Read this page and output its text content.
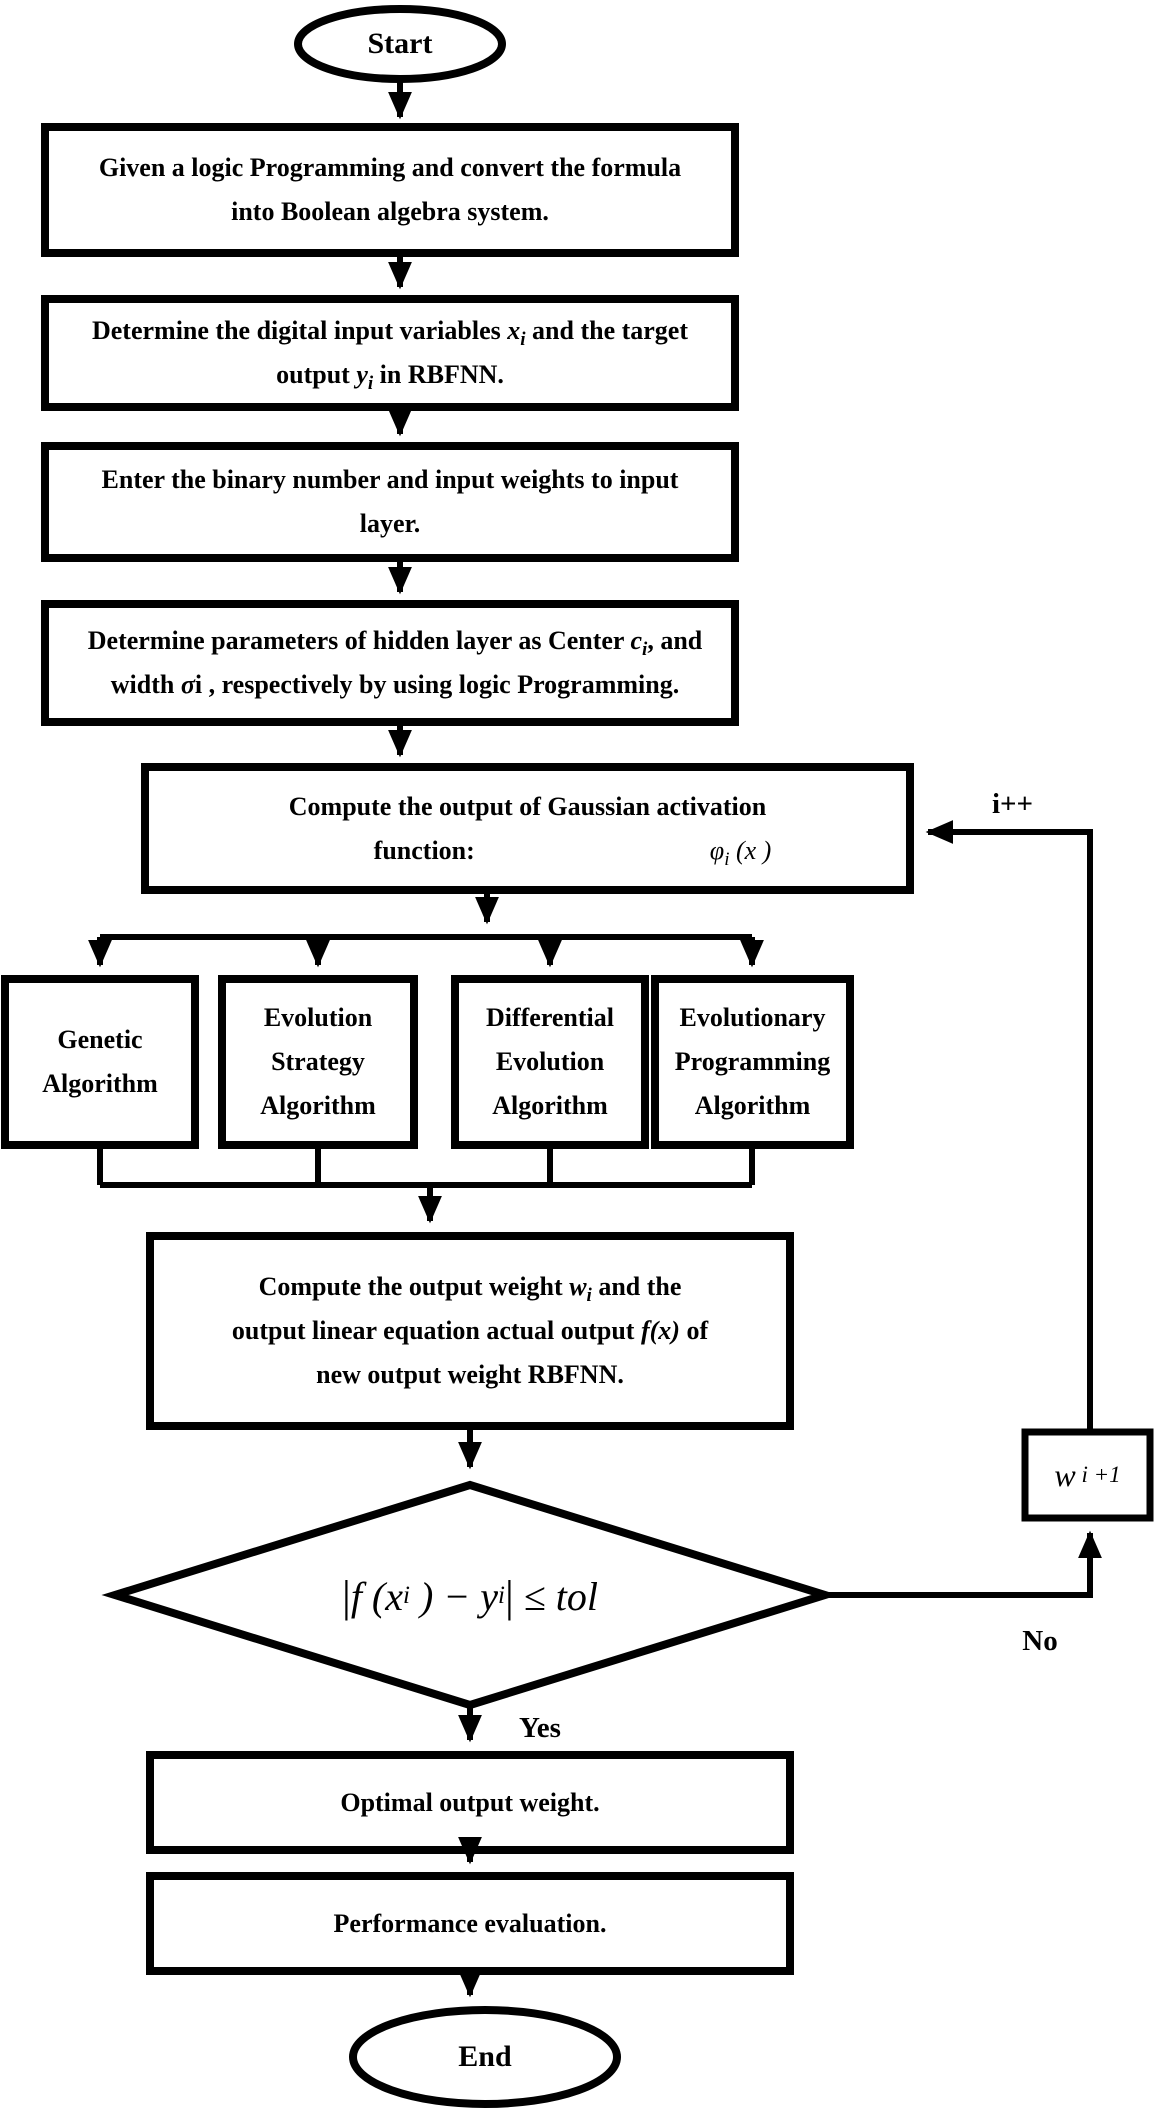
Start
End
Given a logic Programming and convert the formula
into Boolean algebra system.
Determine the digital input variables $x_i$ and the target
output $y_i$ in RBFNN.
Enter the binary number and input weights to input
layer.
Determine parameters of hidden layer as Center $c_i$, and
width σi , respectively by using logic Programming.
Compute the output of Gaussian activation
function:	$\varphi_i$ (x )
Genetic
Algorithm
Evolution
Strategy
Algorithm
Differential
Evolution
Algorithm
Evolutionary
Programming
Algorithm
Compute the output weight $w_i$ and the
output linear equation actual output f(x) of
new output weight RBFNN.
| f (x i ) − y i | ≤ tol
w i +1
Optimal output weight.
Performance evaluation.
i++
Yes
No
